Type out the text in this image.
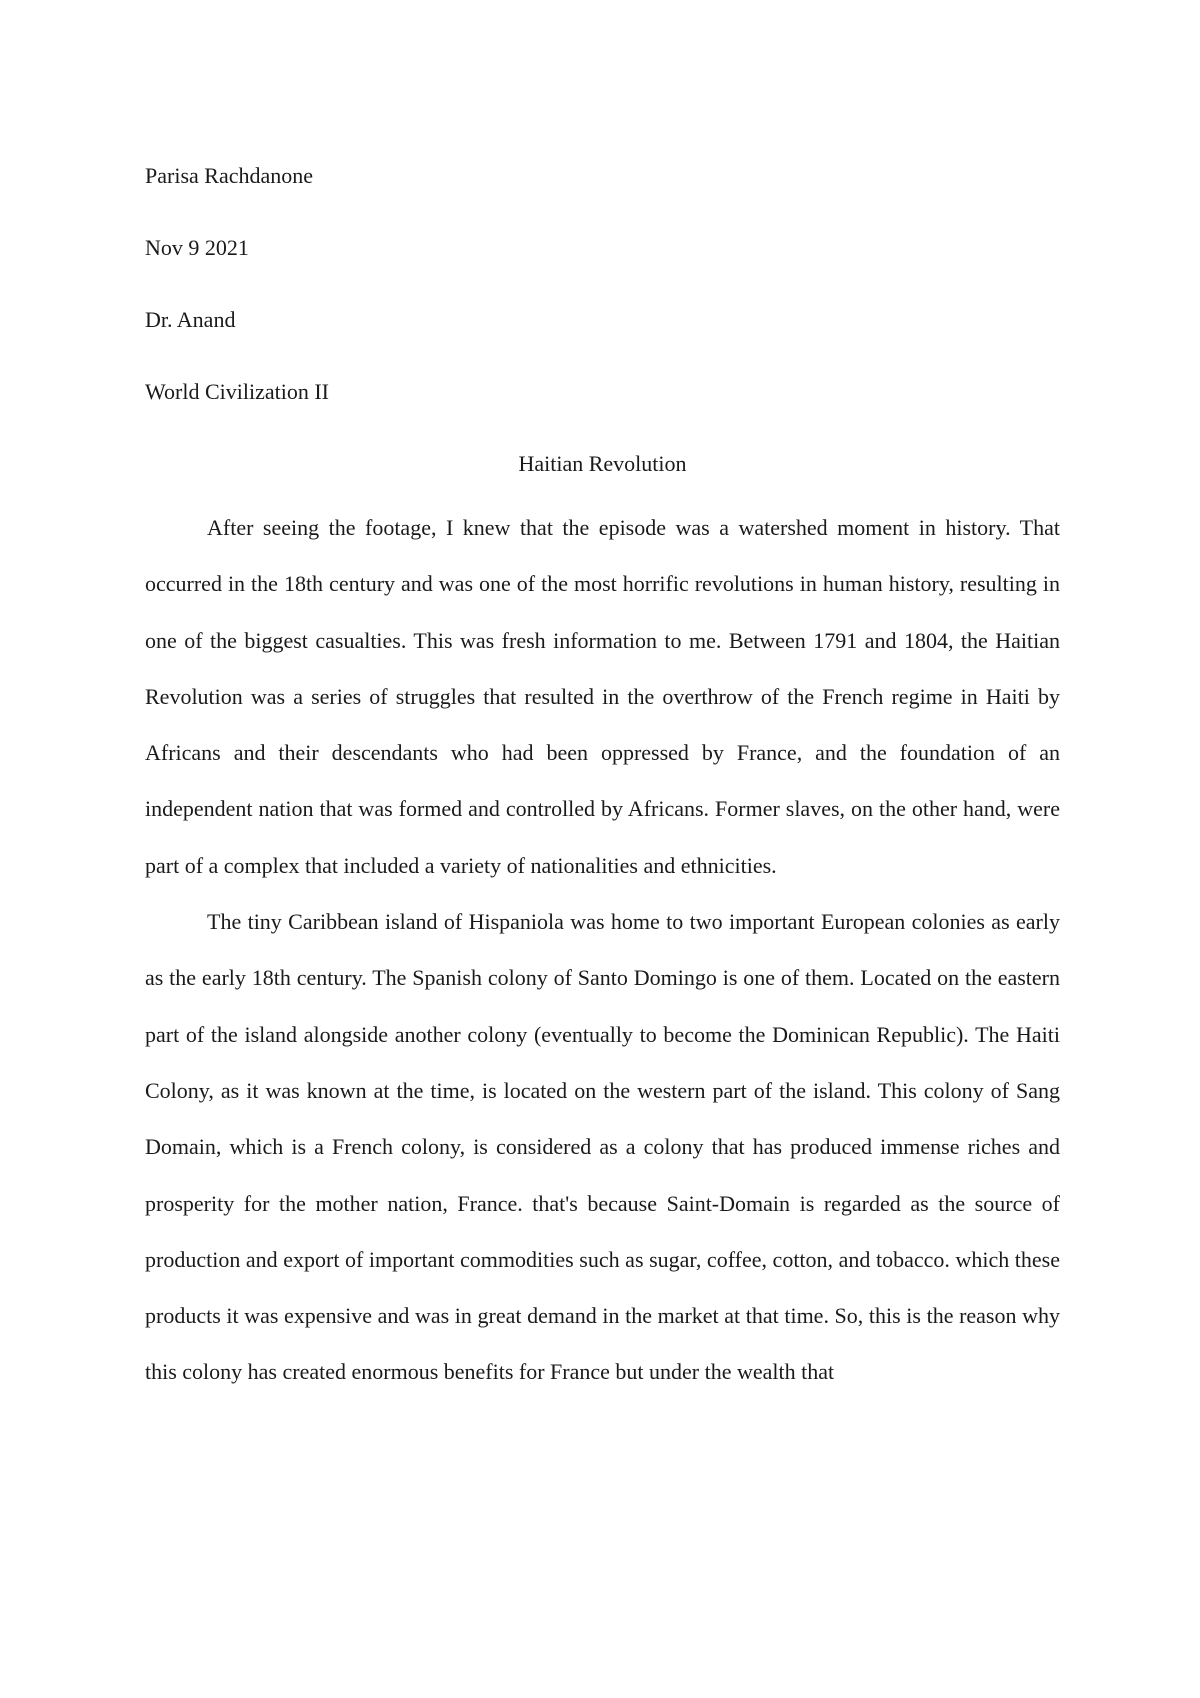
Parisa Rachdanone

Nov 9 2021

Dr. Anand

World Civilization II

Haitian Revolution

After seeing the footage, I knew that the episode was a watershed moment in history. That occurred in the 18th century and was one of the most horrific revolutions in human history, resulting in one of the biggest casualties. This was fresh information to me. Between 1791 and 1804, the Haitian Revolution was a series of struggles that resulted in the overthrow of the French regime in Haiti by Africans and their descendants who had been oppressed by France, and the foundation of an independent nation that was formed and controlled by Africans. Former slaves, on the other hand, were part of a complex that included a variety of nationalities and ethnicities.

The tiny Caribbean island of Hispaniola was home to two important European colonies as early as the early 18th century. The Spanish colony of Santo Domingo is one of them. Located on the eastern part of the island alongside another colony (eventually to become the Dominican Republic). The Haiti Colony, as it was known at the time, is located on the western part of the island. This colony of Sang Domain, which is a French colony, is considered as a colony that has produced immense riches and prosperity for the mother nation, France. that's because Saint-Domain is regarded as the source of production and export of important commodities such as sugar, coffee, cotton, and tobacco. which these products it was expensive and was in great demand in the market at that time. So, this is the reason why this colony has created enormous benefits for France but under the wealth that
